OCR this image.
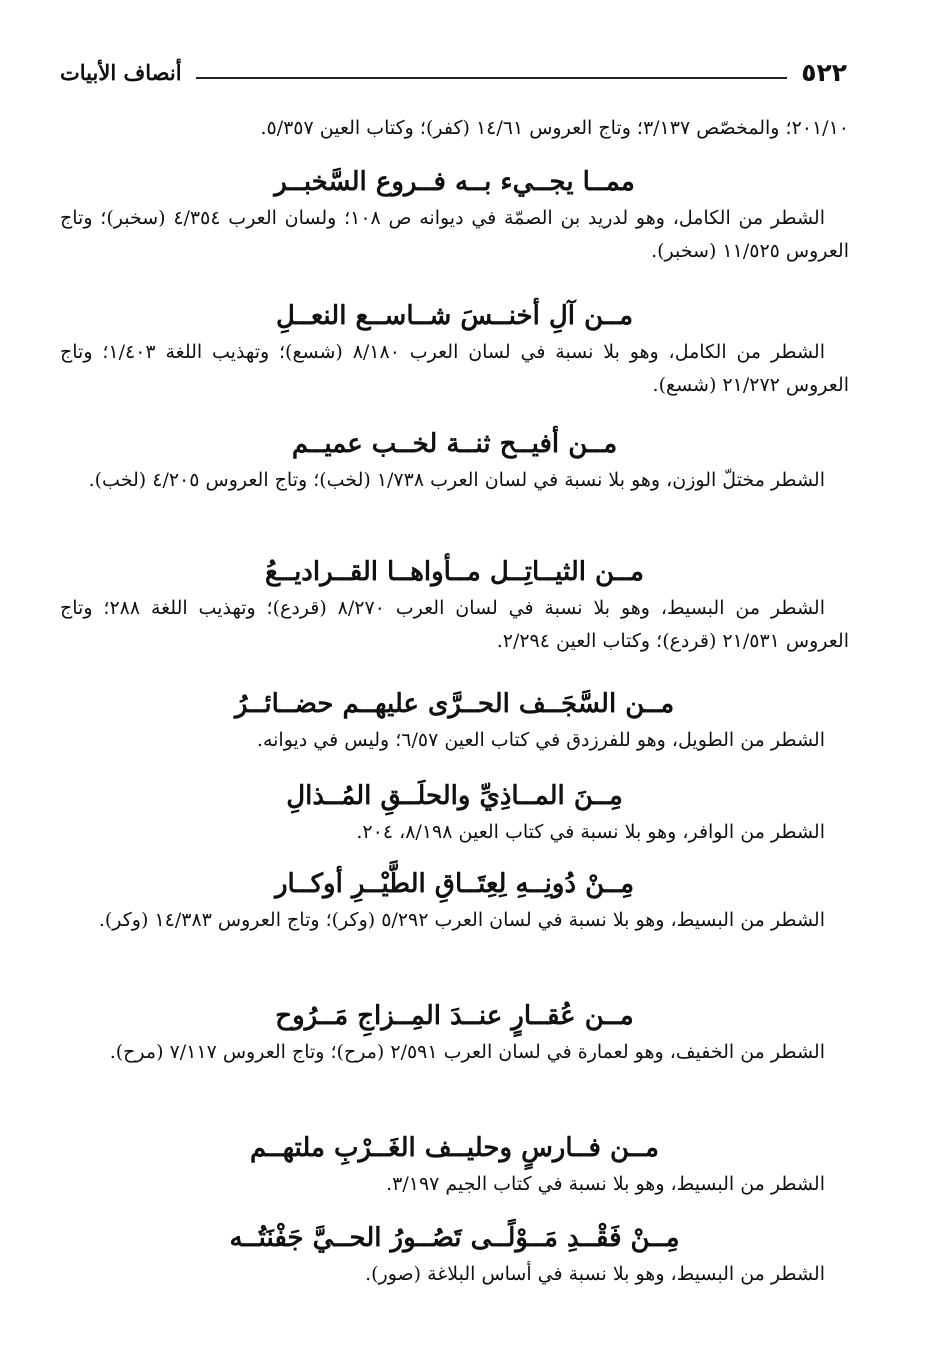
٥٢٢
أنصاف الأبيات
٢٠١/١٠؛ والمخصّص ٣/١٣٧؛ وتاج العروس ١٤/٦١ (كفر)؛ وكتاب العين ٥/٣٥٧.
ممــا يجــيء بــه فــروع السَّخبــر
الشطر من الكامل، وهو لدريد بن الصمّة في ديوانه ص ١٠٨؛ ولسان العرب ٤/٣٥٤ (سخبر)؛ وتاج العروس ١١/٥٢٥ (سخبر).
مــن آلِ أخنــسَ شــاســع النعــلِ
الشطر من الكامل، وهو بلا نسبة في لسان العرب ٨/١٨٠ (شسع)؛ وتهذيب اللغة ١/٤٠٣؛ وتاج العروس ٢١/٢٧٢ (شسع).
مــن أفيــح ثنــة لخــب عميــم
الشطر مختلّ الوزن، وهو بلا نسبة في لسان العرب ١/٧٣٨ (لخب)؛ وتاج العروس ٤/٢٠٥ (لخب).
مــن الثيــاتِــل مــأواهــا القــراديــعُ
الشطر من البسيط، وهو بلا نسبة في لسان العرب ٨/٢٧٠ (قردع)؛ وتهذيب اللغة ٢٨٨؛ وتاج العروس ٢١/٥٣١ (قردع)؛ وكتاب العين ٢/٢٩٤.
مــن السَّجَــف الحــرَّى عليهــم حضــائــرُ
الشطر من الطويل، وهو للفرزدق في كتاب العين ٦/٥٧؛ وليس في ديوانه.
مِــنَ المــاذِيِّ والحلَــقِ المُــذالِ
الشطر من الوافر، وهو بلا نسبة في كتاب العين ٨/١٩٨، ٢٠٤.
مِــنْ دُونِــهِ لِعِتَــاقِ الطَّيْــرِ أوكــار
الشطر من البسيط، وهو بلا نسبة في لسان العرب ٥/٢٩٢ (وكر)؛ وتاج العروس ١٤/٣٨٣ (وكر).
مــن عُقــارٍ عنــدَ المِــزاجِ مَــرُوح
الشطر من الخفيف، وهو لعمارة في لسان العرب ٢/٥٩١ (مرح)؛ وتاج العروس ٧/١١٧ (مرح).
مــن فــارسٍ وحليــف الغَــرْبِ ملتهــم
الشطر من البسيط، وهو بلا نسبة في كتاب الجيم ٣/١٩٧.
مِــنْ فَقْــدِ مَــوْلًــى تَصُــورُ الحــيَّ جَفْنَتُــه
الشطر من البسيط، وهو بلا نسبة في أساس البلاغة (صور).
